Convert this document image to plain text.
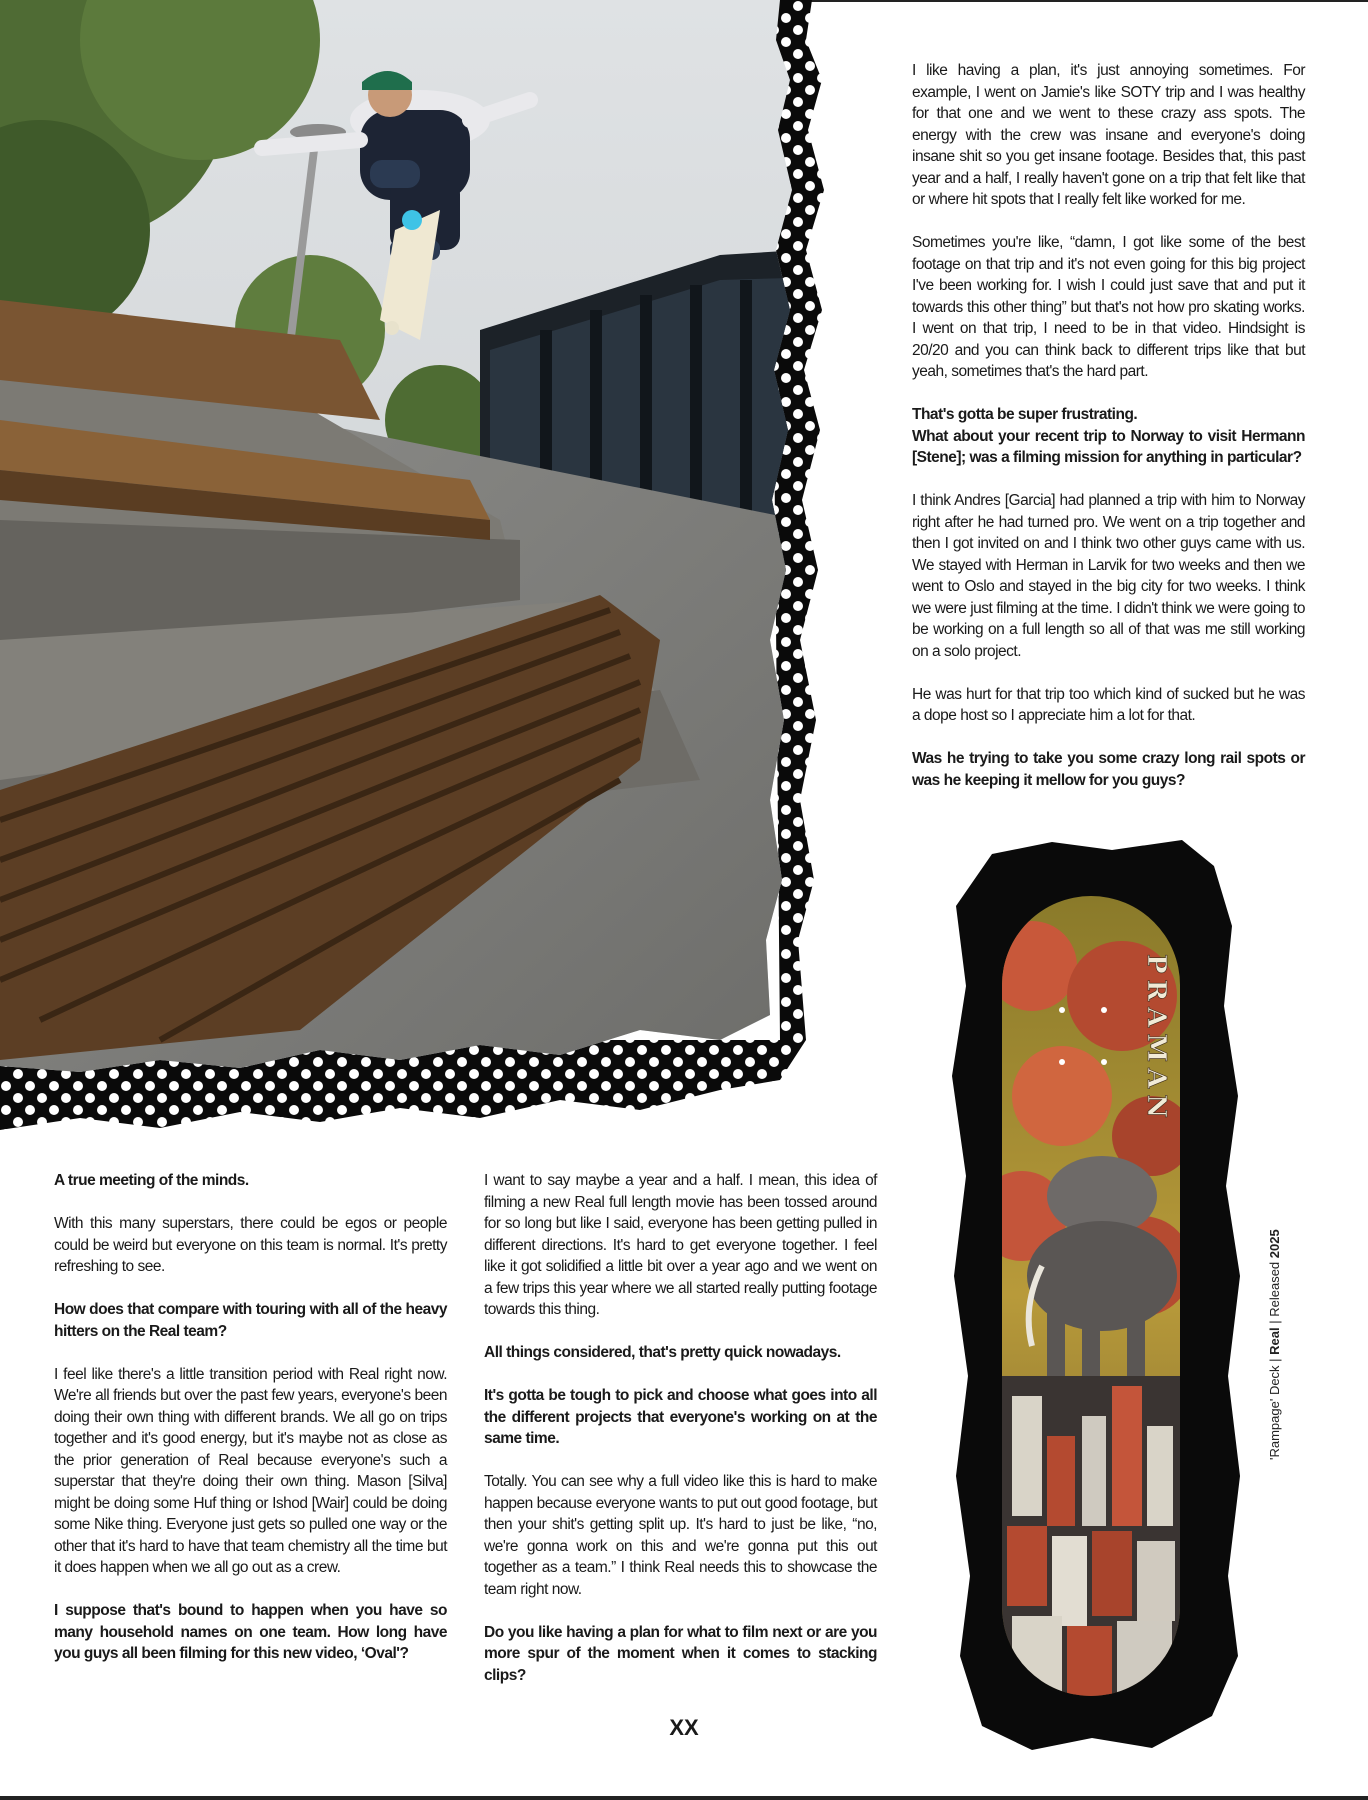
I like having a plan, it's just annoying sometimes. For example, I went on Jamie's like SOTY trip and I was healthy for that one and we went to these crazy ass spots. The energy with the crew was insane and everyone's doing insane shit so you get insane footage. Besides that, this past year and a half, I really haven't gone on a trip that felt like that or where hit spots that I really felt like worked for me.

Sometimes you're like, “damn, I got like some of the best footage on that trip and it's not even going for this big project I've been working for. I wish I could just save that and put it towards this other thing” but that's not how pro skating works. I went on that trip, I need to be in that video. Hindsight is 20/20 and you can think back to different trips like that but yeah, sometimes that's the hard part.

That's gotta be super frustrating.

What about your recent trip to Norway to visit Hermann [Stene]; was a filming mission for anything in particular?

I think Andres [Garcia] had planned a trip with him to Norway right after he had turned pro. We went on a trip together and then I got invited on and I think two other guys came with us. We stayed with Herman in Larvik for two weeks and then we went to Oslo and stayed in the big city for two weeks. I think we were just filming at the time. I didn't think we were going to be working on a full length so all of that was me still working on a solo project.

He was hurt for that trip too which kind of sucked but he was a dope host so I appreciate him a lot for that.

Was he trying to take you some crazy long rail spots or was he keeping it mellow for you guys?

A true meeting of the minds.

With this many superstars, there could be egos or people could be weird but everyone on this team is normal. It's pretty refreshing to see.

How does that compare with touring with all of the heavy hitters on the Real team?

I feel like there's a little transition period with Real right now. We're all friends but over the past few years, everyone's been doing their own thing with different brands. We all go on trips together and it's good energy, but it's maybe not as close as the prior generation of Real because everyone's such a superstar that they're doing their own thing. Mason [Silva] might be doing some Huf thing or Ishod [Wair] could be doing some Nike thing. Everyone just gets so pulled one way or the other that it's hard to have that team chemistry all the time but it does happen when we all go out as a crew.

I suppose that's bound to happen when you have so many household names on one team. How long have you guys all been filming for this new video, ‘Oval'?

I want to say maybe a year and a half. I mean, this idea of filming a new Real full length movie has been tossed around for so long but like I said, everyone has been getting pulled in different directions. It's hard to get everyone together. I feel like it got solidified a little bit over a year ago and we went on a few trips this year where we all started really putting footage towards this thing.

All things considered, that's pretty quick nowadays.

It's gotta be tough to pick and choose what goes into all the different projects that everyone's working on at the same time.

Totally. You can see why a full video like this is hard to make happen because everyone wants to put out good footage, but then your shit's getting split up. It's hard to just be like, “no, we're gonna work on this and we're gonna put this out together as a team.” I think Real needs this to showcase the team right now.

Do you like having a plan for what to film next or are you more spur of the moment when it comes to stacking clips?

PRAMAN
'Rampage' Deck | Real | Released 2025
XX
